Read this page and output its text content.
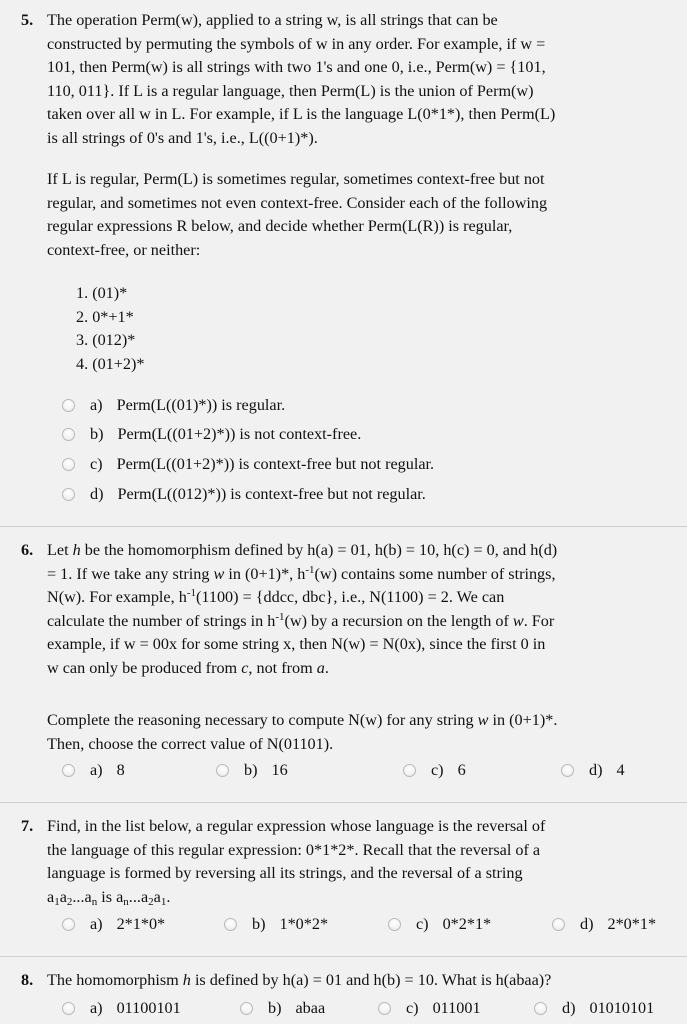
5. The operation Perm(w), applied to a string w, is all strings that can be
constructed by permuting the symbols of w in any order. For example, if w =
101, then Perm(w) is all strings with two 1's and one 0, i.e., Perm(w) = {101,
110, 011}. If L is a regular language, then Perm(L) is the union of Perm(w)
taken over all w in L. For example, if L is the language L(0*1*), then Perm(L)
is all strings of 0's and 1's, i.e., L((0+1)*).
If L is regular, Perm(L) is sometimes regular, sometimes context-free but not
regular, and sometimes not even context-free. Consider each of the following
regular expressions R below, and decide whether Perm(L(R)) is regular,
context-free, or neither:
1. (01)*
2. 0*+1*
3. (012)*
4. (01+2)*
a) Perm(L((01)*)) is regular.
b) Perm(L((01+2)*)) is not context-free.
c) Perm(L((01+2)*)) is context-free but not regular.
d) Perm(L((012)*)) is context-free but not regular.
6. Let h be the homomorphism defined by h(a) = 01, h(b) = 10, h(c) = 0, and h(d)
= 1. If we take any string w in (0+1)*, $h^{-1}(w)$ contains some number of strings,
N(w). For example, $h^{-1}(1100)$ = {ddcc, dbc}, i.e., N(1100) = 2. We can
calculate the number of strings in $h^{-1}(w)$ by a recursion on the length of w. For
example, if w = 00x for some string x, then N(w) = N(0x), since the first 0 in
w can only be produced from c, not from a.
Complete the reasoning necessary to compute N(w) for any string w in (0+1)*.
Then, choose the correct value of N(01101).
a) 8	b) 16	c) 6	d) 4
7. Find, in the list below, a regular expression whose language is the reversal of
the language of this regular expression: 0*1*2*. Recall that the reversal of a
language is formed by reversing all its strings, and the reversal of a string
$a_1a_2...a_n$ is $a_n...a_2a_1$.
a) 2*1*0*	b) 1*0*2*	c) 0*2*1*	d) 2*0*1*
8. The homomorphism h is defined by h(a) = 01 and h(b) = 10. What is h(abaa)?
a) 01100101	b) abaa	c) 011001	d) 01010101
